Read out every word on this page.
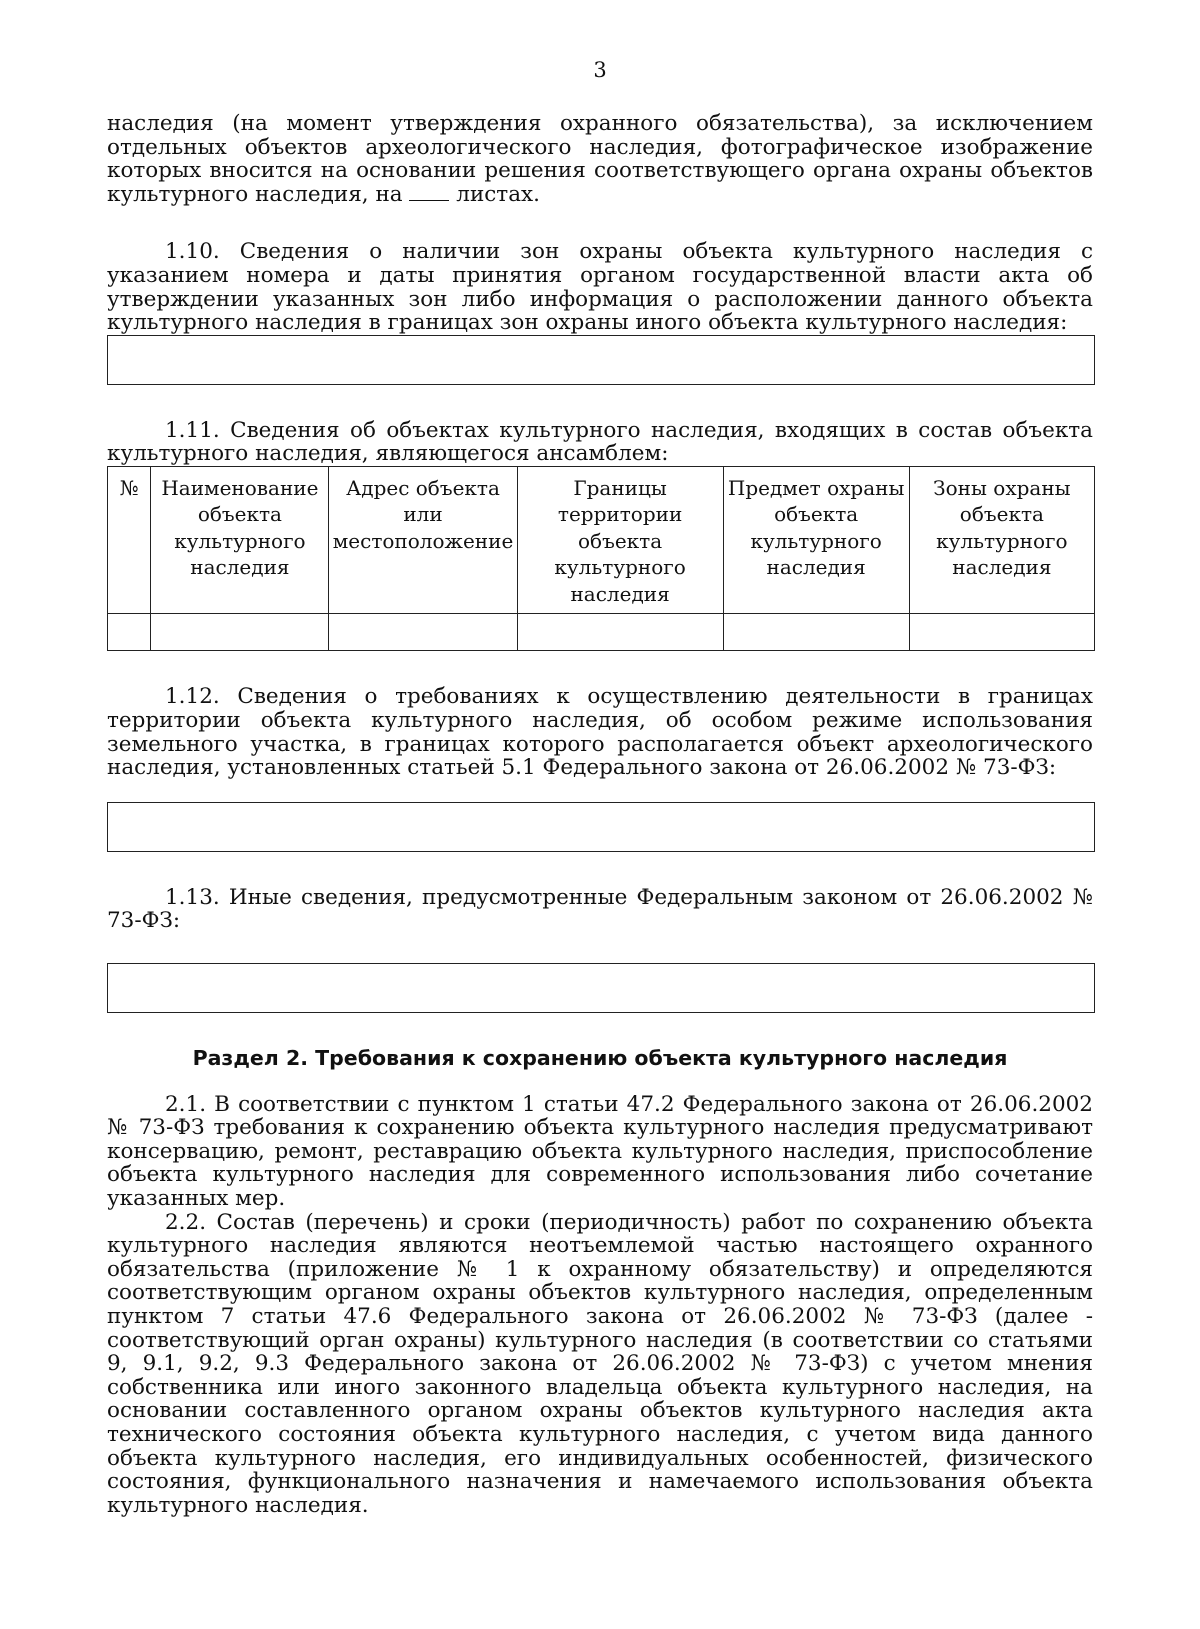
3

наследия (на момент утверждения охранного обязательства), за исключением отдельных объектов археологического наследия, фотографическое изображение которых вносится на основании решения соответствующего органа охраны объектов культурного наследия, на листах.

1.10. Сведения о наличии зон охраны объекта культурного наследия с указанием номера и даты принятия органом государственной власти акта об утверждении указанных зон либо информация о расположении данного объекта культурного наследия в границах зон охраны иного объекта культурного наследия:

1.11. Сведения об объектах культурного наследия, входящих в состав объекта культурного наследия, являющегося ансамблем:

№	Наименование объекта культурного наследия	Адрес объекта или местоположение	Границы территории объекта культурного наследия	Предмет охраны объекта культурного наследия	Зоны охраны объекта культурного наследия

1.12. Сведения о требованиях к осуществлению деятельности в границах территории объекта культурного наследия, об особом режиме использования земельного участка, в границах которого располагается объект археологического наследия, установленных статьей 5.1 Федерального закона от 26.06.2002 № 73-ФЗ:

1.13. Иные сведения, предусмотренные Федеральным законом от 26.06.2002 № 73-ФЗ:

Раздел 2. Требования к сохранению объекта культурного наследия

2.1. В соответствии с пунктом 1 статьи 47.2 Федерального закона от 26.06.2002 № 73-ФЗ требования к сохранению объекта культурного наследия предусматривают консервацию, ремонт, реставрацию объекта культурного наследия, приспособление объекта культурного наследия для современного использования либо сочетание указанных мер.

2.2. Состав (перечень) и сроки (периодичность) работ по сохранению объекта культурного наследия являются неотъемлемой частью настоящего охранного обязательства (приложение № 1 к охранному обязательству) и определяются соответствующим органом охраны объектов культурного наследия, определенным пунктом 7 статьи 47.6 Федерального закона от 26.06.2002 № 73-ФЗ (далее - соответствующий орган охраны) культурного наследия (в соответствии со статьями 9, 9.1, 9.2, 9.3 Федерального закона от 26.06.2002 № 73-ФЗ) с учетом мнения собственника или иного законного владельца объекта культурного наследия, на основании составленного органом охраны объектов культурного наследия акта технического состояния объекта культурного наследия, с учетом вида данного объекта культурного наследия, его индивидуальных особенностей, физического состояния, функционального назначения и намечаемого использования объекта культурного наследия.
